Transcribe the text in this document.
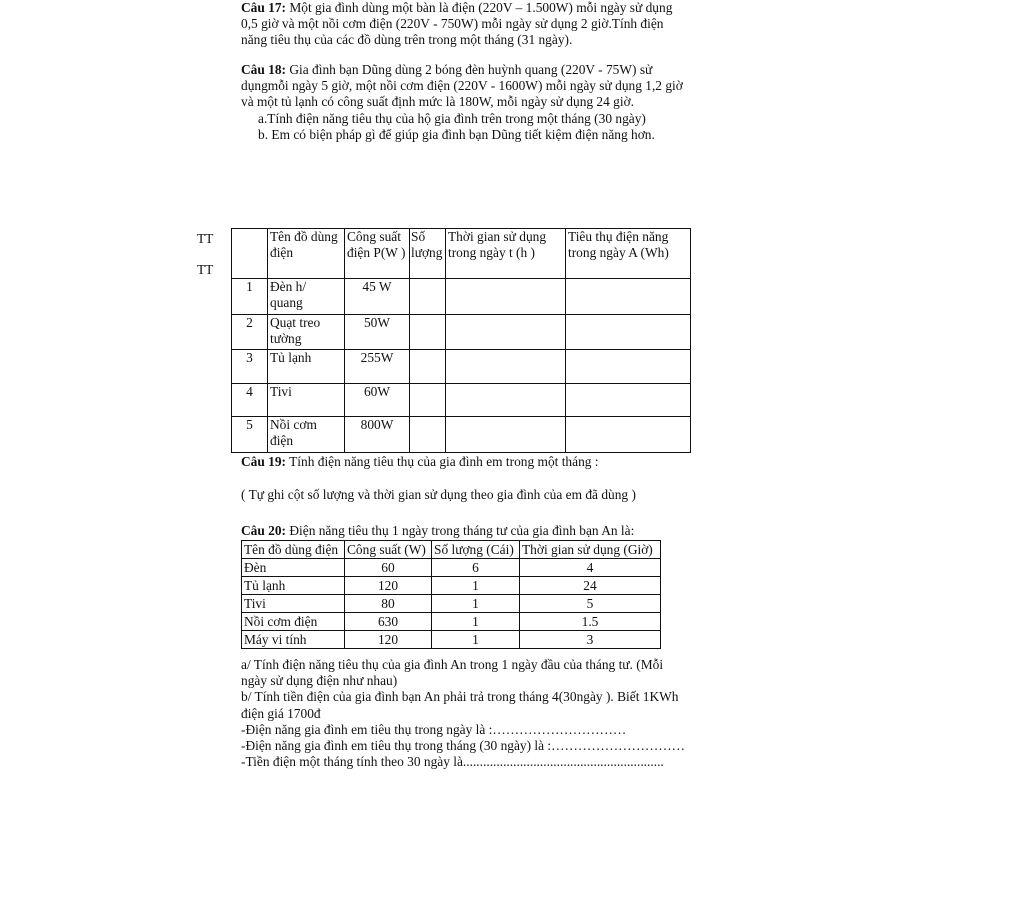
Câu 17: Một gia đình dùng một bàn là điện (220V – 1.500W) mỗi ngày sử dụng

0,5 giờ và một nồi cơm điện (220V - 750W) mỗi ngày sử dụng 2 giờ.Tính điện

năng tiêu thụ của các đồ dùng trên trong một tháng (31 ngày).

Câu 18: Gia đình bạn Dũng dùng 2 bóng đèn huỳnh quang (220V - 75W) sử

dụngmỗi ngày 5 giờ, một nồi cơm điện (220V - 1600W) mỗi ngày sử dụng 1,2 giờ

và một tủ lạnh có công suất định mức là 180W, mỗi ngày sử dụng 24 giờ.

a.Tính điện năng tiêu thụ của hộ gia đình trên trong một tháng (30 ngày)

b. Em có biện pháp gì để giúp gia đình bạn Dũng tiết kiệm điện năng hơn.

TT
TT
	Tên đồ dùng điện	Công suất điện P(W )	Số lượng	Thời gian sử dụng trong ngày t (h )	Tiêu thụ điện năng trong ngày A (Wh)
1	Đèn h/ quang	45 W			
2	Quạt treo tường	50W			
3	Tủ lạnh	255W			
4	Tivi	60W			
5	Nồi cơm điện	800W			

Câu 19: Tính điện năng tiêu thụ của gia đình em trong một tháng :

( Tự ghi cột số lượng và thời gian sử dụng theo gia đình của em đã dùng )

Câu 20: Điện năng tiêu thụ 1 ngày trong tháng tư của gia đình bạn An là:

Tên đồ dùng điện	Công suất (W)	Số lượng (Cái)	Thời gian sử dụng (Giờ)
Đèn	60	6	4
Tủ lạnh	120	1	24
Tivi	80	1	5
Nồi cơm điện	630	1	1.5
Máy vi tính	120	1	3

a/ Tính điện năng tiêu thụ của gia đình An trong 1 ngày đầu của tháng tư. (Mỗi

ngày sử dụng điện như nhau)

b/ Tính tiền điện của gia đình bạn An phải trả trong tháng 4(30ngày ). Biết 1KWh

điện giá 1700đ

-Điện năng gia đình em tiêu thụ trong ngày là :…………………………

-Điện năng gia đình em tiêu thụ trong tháng (30 ngày) là :…………………………

-Tiền điện một tháng tính theo 30 ngày là............................................................
